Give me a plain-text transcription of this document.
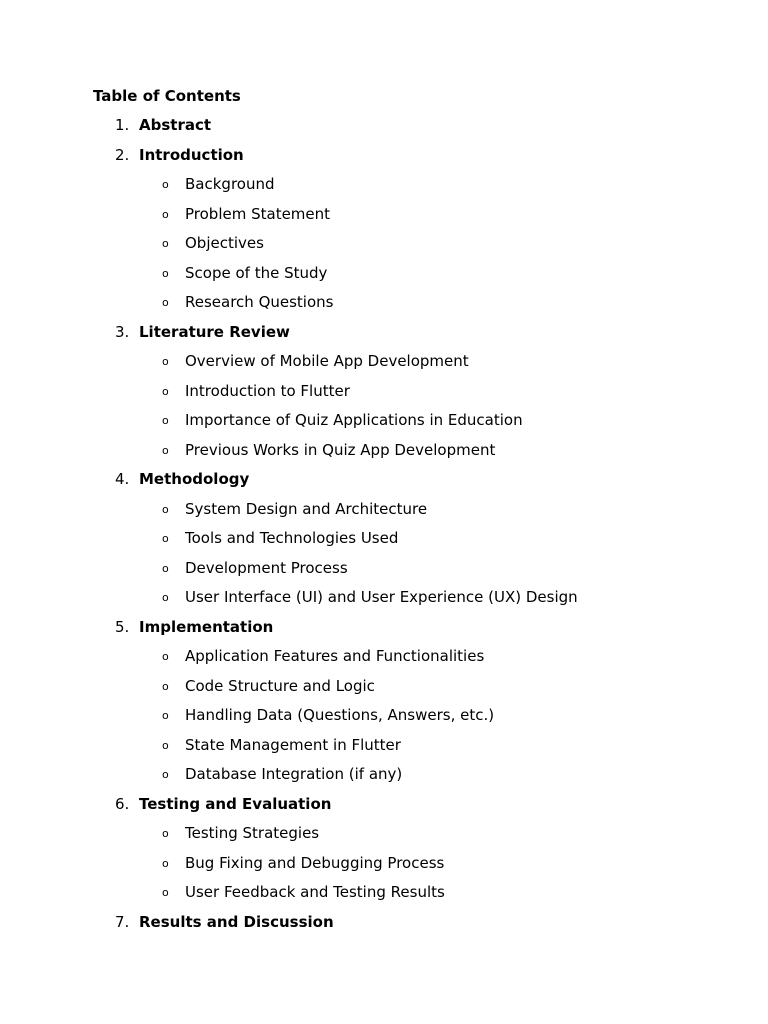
Table of Contents
1. Abstract
2. Introduction
o Background
o Problem Statement
o Objectives
o Scope of the Study
o Research Questions
3. Literature Review
o Overview of Mobile App Development
o Introduction to Flutter
o Importance of Quiz Applications in Education
o Previous Works in Quiz App Development
4. Methodology
o System Design and Architecture
o Tools and Technologies Used
o Development Process
o User Interface (UI) and User Experience (UX) Design
5. Implementation
o Application Features and Functionalities
o Code Structure and Logic
o Handling Data (Questions, Answers, etc.)
o State Management in Flutter
o Database Integration (if any)
6. Testing and Evaluation
o Testing Strategies
o Bug Fixing and Debugging Process
o User Feedback and Testing Results
7. Results and Discussion
